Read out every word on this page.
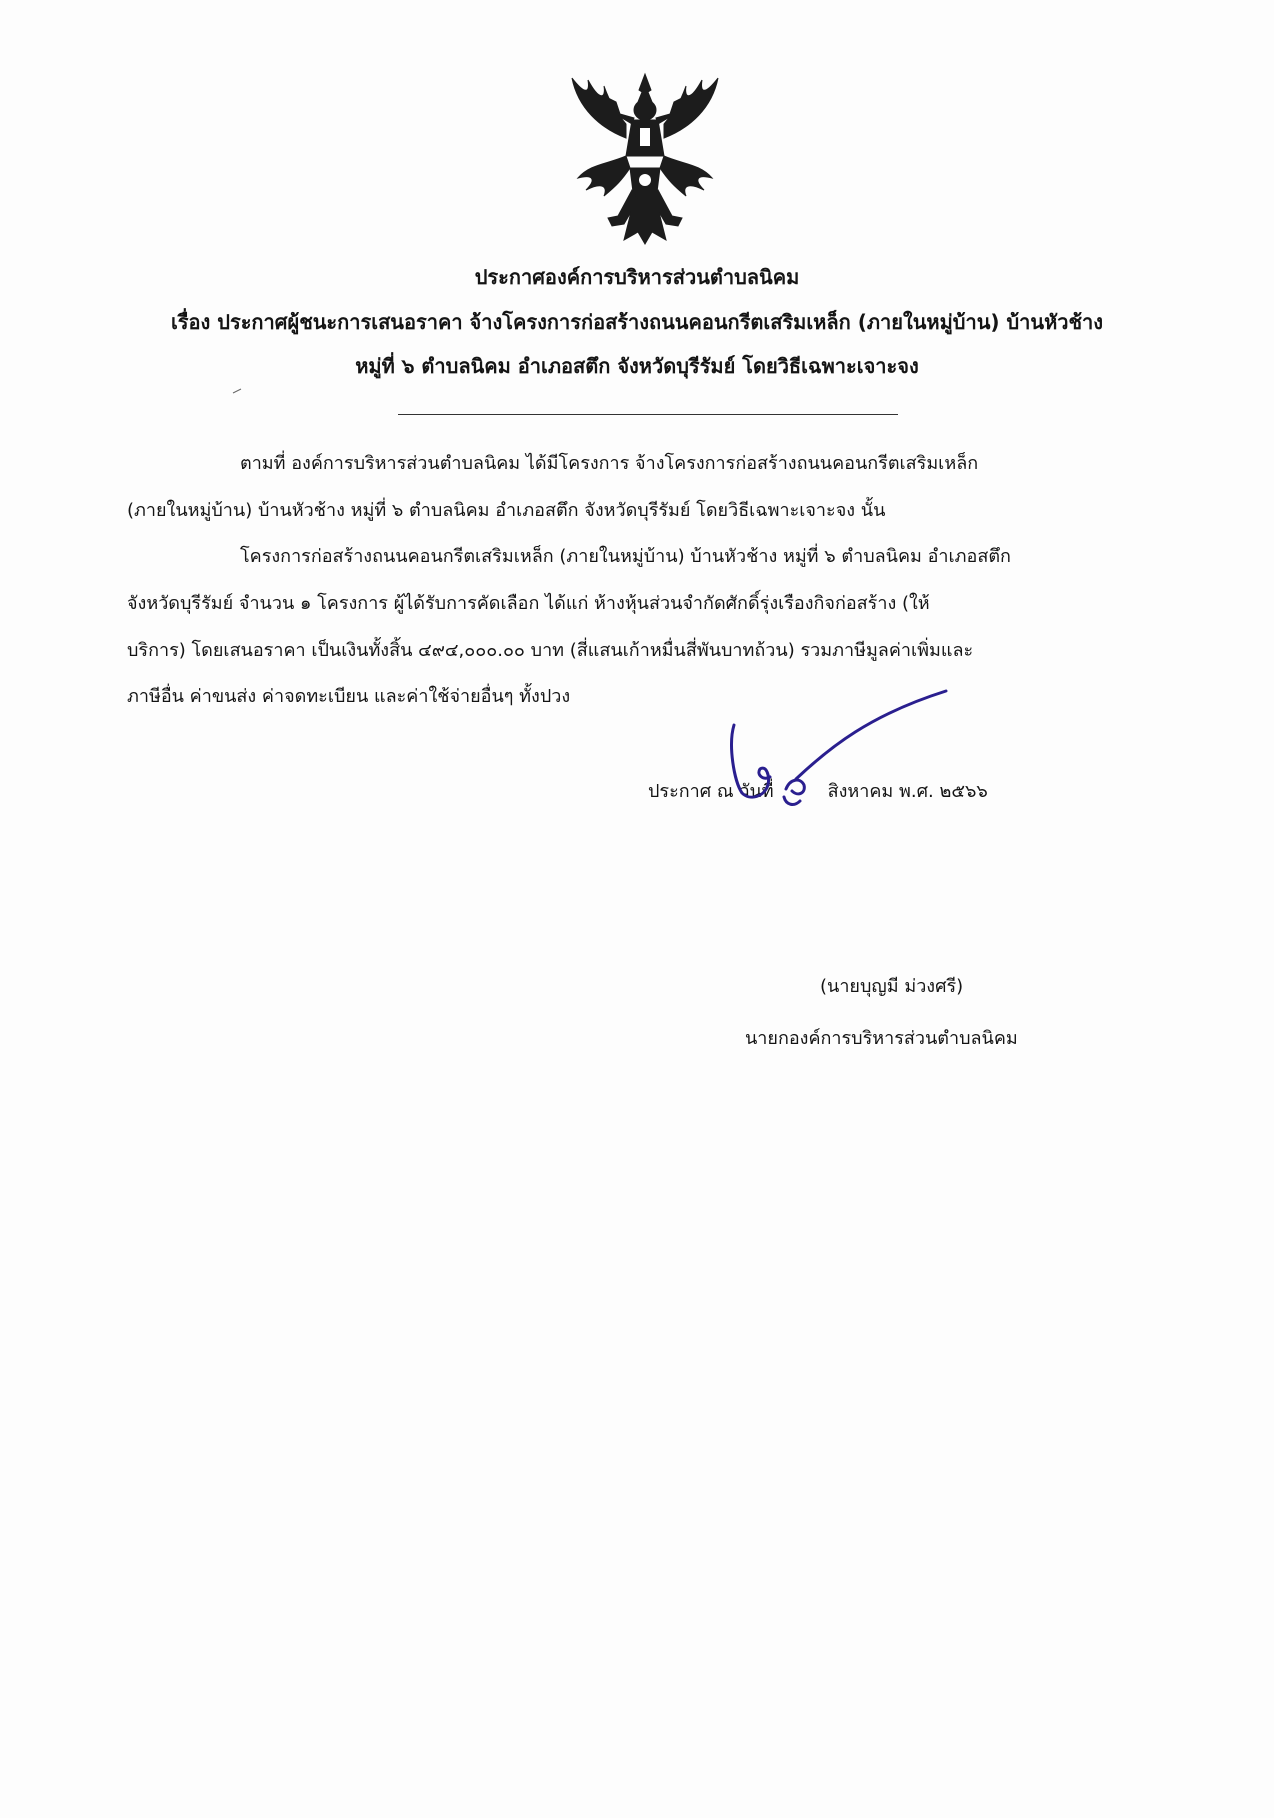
ประกาศองค์การบริหารส่วนตำบลนิคม
เรื่อง ประกาศผู้ชนะการเสนอราคา จ้างโครงการก่อสร้างถนนคอนกรีตเสริมเหล็ก (ภายในหมู่บ้าน) บ้านหัวช้าง
หมู่ที่ ๖ ตำบลนิคม อำเภอสตึก จังหวัดบุรีรัมย์ โดยวิธีเฉพาะเจาะจง
ตามที่ องค์การบริหารส่วนตำบลนิคม ได้มีโครงการ จ้างโครงการก่อสร้างถนนคอนกรีตเสริมเหล็ก
(ภายในหมู่บ้าน) บ้านหัวช้าง หมู่ที่ ๖ ตำบลนิคม อำเภอสตึก จังหวัดบุรีรัมย์ โดยวิธีเฉพาะเจาะจง นั้น
โครงการก่อสร้างถนนคอนกรีตเสริมเหล็ก (ภายในหมู่บ้าน) บ้านหัวช้าง หมู่ที่ ๖ ตำบลนิคม อำเภอสตึก
จังหวัดบุรีรัมย์ จำนวน ๑ โครงการ ผู้ได้รับการคัดเลือก ได้แก่ ห้างหุ้นส่วนจำกัดศักดิ์รุ่งเรืองกิจก่อสร้าง (ให้
บริการ) โดยเสนอราคา เป็นเงินทั้งสิ้น ๔๙๔,๐๐๐.๐๐ บาท (สี่แสนเก้าหมื่นสี่พันบาทถ้วน) รวมภาษีมูลค่าเพิ่มและ
ภาษีอื่น ค่าขนส่ง ค่าจดทะเบียน และค่าใช้จ่ายอื่นๆ ทั้งปวง
ประกาศ ณ วันที่	สิงหาคม พ.ศ. ๒๕๖๖
(นายบุญมี ม่วงศรี)
นายกองค์การบริหารส่วนตำบลนิคม
